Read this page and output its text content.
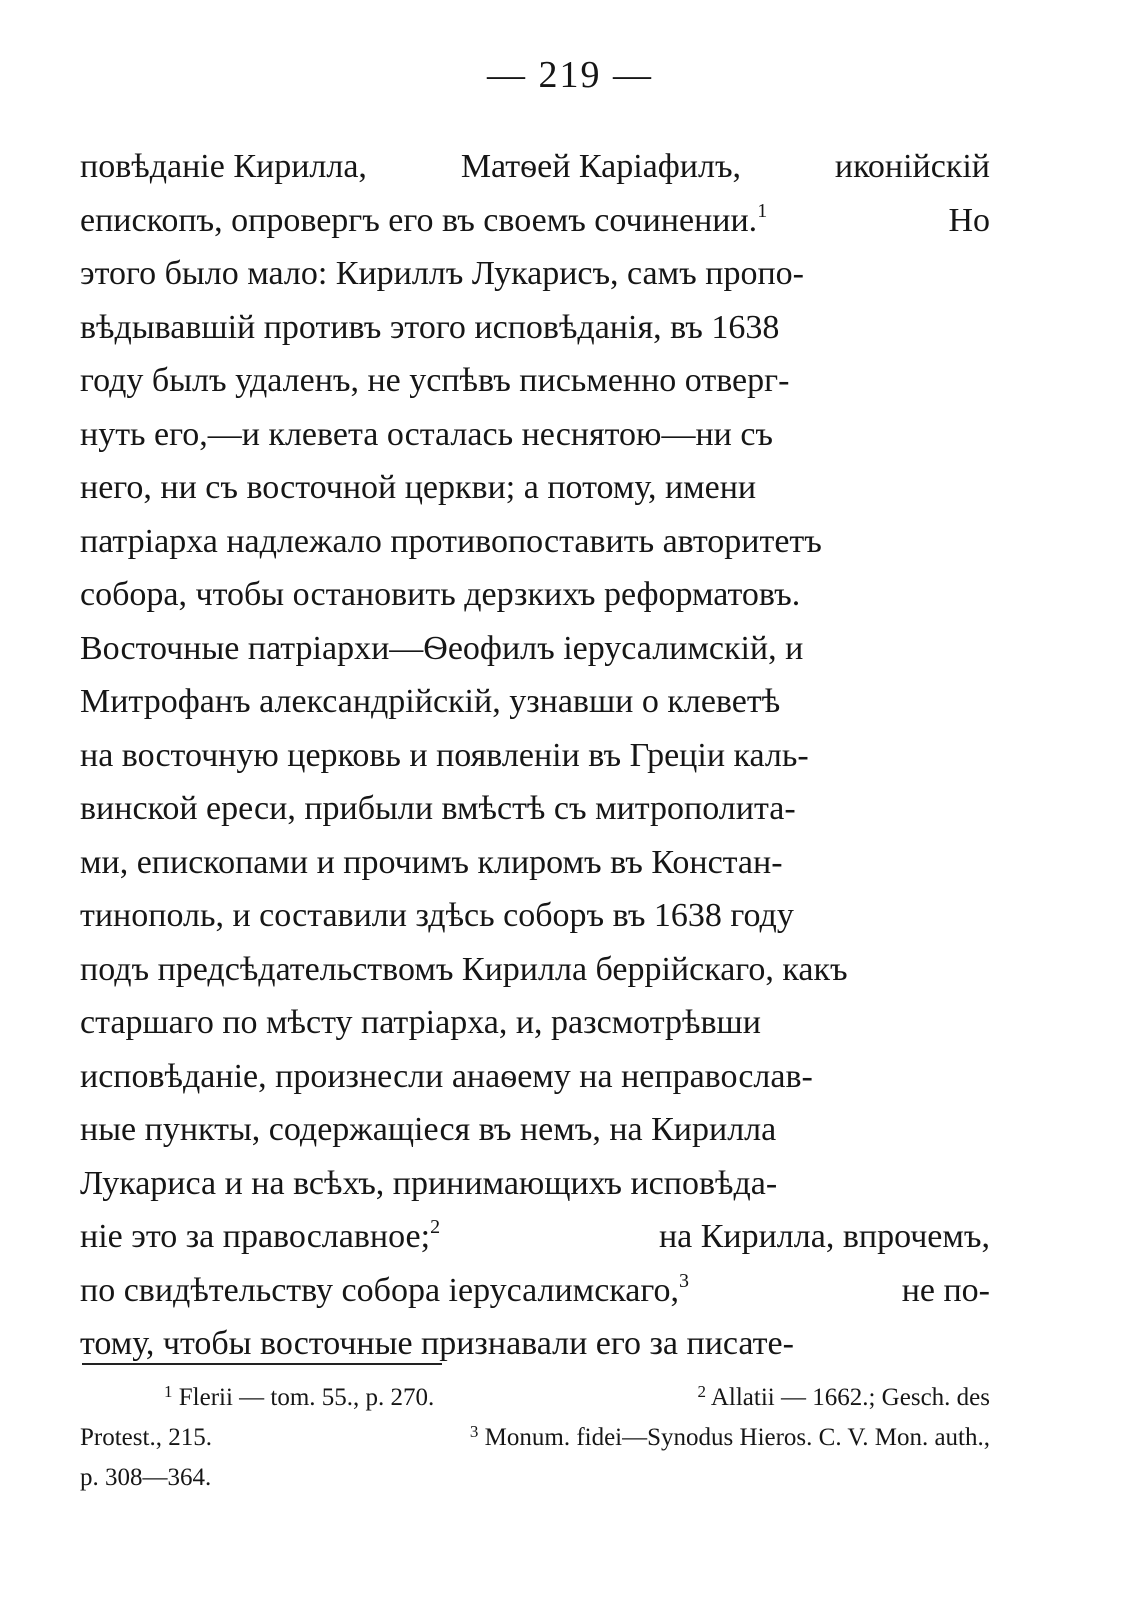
— 219 —
повѣданіе Кирилла,	Матѳей Каріафилъ,	иконійскій
епископъ, опровергъ его въ своемъ сочинении.$^1$	Но
этого было мало: Кириллъ Лукарисъ, самъ пропо-
вѣдывавшій противъ этого исповѣданія, въ 1638
году былъ удаленъ, не успѣвъ письменно отверг-
нуть его,—и клевета осталась неснятою—ни съ
него, ни съ восточной церкви; а потому, имени
патріарха надлежало противопоставить авторитетъ
собора, чтобы остановить дерзкихъ реформатовъ.
Восточные патріархи—Ѳеофилъ іерусалимскій, и
Митрофанъ александрійскій, узнавши о клеветѣ
на восточную церковь и появленіи въ Греціи каль-
винской ереси, прибыли вмѣстѣ съ митрополита-
ми, епископами и прочимъ клиромъ въ Констан-
тинополь, и составили здѣсь соборъ въ 1638 году
подъ предсѣдательствомъ Кирилла беррійскаго, какъ
старшаго по мѣсту патріарха, и, разсмотрѣвши
исповѣданіе, произнесли анаѳему на неправослав-
ные пункты, содержащіеся въ немъ, на Кирилла
Лукариса и на всѣхъ, принимающихъ исповѣда-
ніе это за православное;$^2$	на Кирилла, впрочемъ,
по свидѣтельству собора іерусалимскаго,$^3$	не по-
тому, чтобы восточные признавали его за писате-
$^1$ Flerii — tom. 55., p. 270.	$^2$ Allatii — 1662.; Gesch. des
Protest., 215.	$^3$ Monum. fidei—Synodus Hieros. C. V. Mon. auth.,
p. 308—364.
